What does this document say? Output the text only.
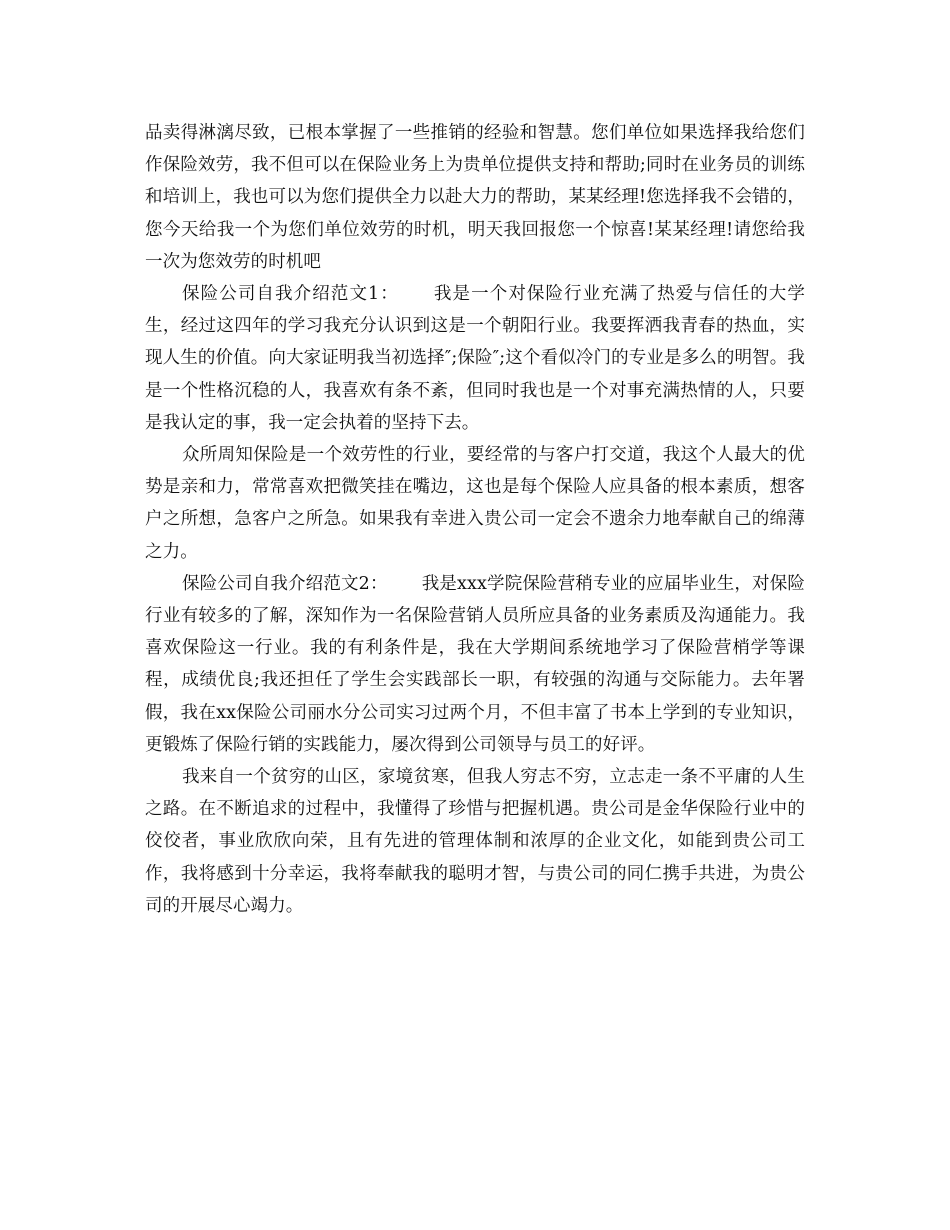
品卖得淋漓尽致，已根本掌握了一些推销的经验和智慧。您们单位如果选择我给您们作保险效劳，我不但可以在保险业务上为贵单位提供支持和帮助;同时在业务员的训练和培训上，我也可以为您们提供全力以赴大力的帮助，某某经理!您选择我不会错的，您今天给我一个为您们单位效劳的时机，明天我回报您一个惊喜!某某经理!请您给我一次为您效劳的时机吧

保险公司自我介绍范文1： 我是一个对保险行业充满了热爱与信任的大学生，经过这四年的学习我充分认识到这是一个朝阳行业。我要挥洒我青春的热血，实现人生的价值。向大家证明我当初选择″;保险″;这个看似冷门的专业是多么的明智。我是一个性格沉稳的人，我喜欢有条不紊，但同时我也是一个对事充满热情的人，只要是我认定的事，我一定会执着的坚持下去。

众所周知保险是一个效劳性的行业，要经常的与客户打交道，我这个人最大的优势是亲和力，常常喜欢把微笑挂在嘴边，这也是每个保险人应具备的根本素质，想客户之所想，急客户之所急。如果我有幸进入贵公司一定会不遗余力地奉献自己的绵薄之力。

保险公司自我介绍范文2： 我是xxx学院保险营稍专业的应届毕业生，对保险行业有较多的了解，深知作为一名保险营销人员所应具备的业务素质及沟通能力。我喜欢保险这一行业。我的有利条件是，我在大学期间系统地学习了保险营梢学等课程，成绩优良;我还担任了学生会实践部长一职，有较强的沟通与交际能力。去年署假，我在xx保险公司丽水分公司实习过两个月，不但丰富了书本上学到的专业知识，更锻炼了保险行销的实践能力，屡次得到公司领导与员工的好评。

我来自一个贫穷的山区，家境贫寒，但我人穷志不穷，立志走一条不平庸的人生之路。在不断追求的过程中，我懂得了珍惜与把握机遇。贵公司是金华保险行业中的佼佼者，事业欣欣向荣，且有先进的管理体制和浓厚的企业文化，如能到贵公司工作，我将感到十分幸运，我将奉献我的聪明才智，与贵公司的同仁携手共进，为贵公司的开展尽心竭力。
